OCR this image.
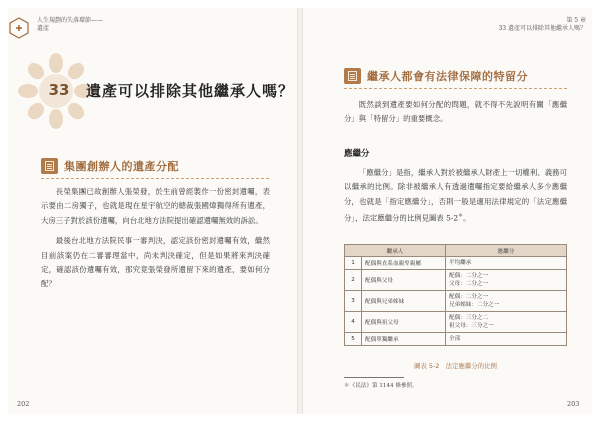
✚
人生規劃的失落環節——
遺產
第 5 章
33 遺產可以排除其他繼承人嗎？
33	遺產可以排除其他繼承人嗎？
集團創辦人的遺產分配

長榮集團已故創辦人張榮發，於生前曾經製作一份密封遺囑，表示要由二房獨子，也就是現在星宇航空的總裁張國煒獨得所有遺產，大房三子對於該份遺囑，向台北地方法院提出確認遺囑無效的訴訟。

最後台北地方法院民事一審判決，認定該份密封遺囑有效，繼然目前該案仍在二審審理當中，尚未判決確定，但是如果將來判決確定，確認該份遺囑有效，那究竟張榮發所遺留下來的遺產，要如何分配？

202
繼承人都會有法律保障的特留分

既然談到遺產要如何分配的問題，就不得不先說明有關「應繼分」與「特留分」的重要概念。

應繼分

「應繼分」是指，繼承人對於被繼承人財產上一切權利、義務可以繼承的比例。除非被繼承人有透過遺囑指定要給繼承人多少應繼分，也就是「指定應繼分」，否則一般是適用法律規定的「法定應繼分」，法定應繼分的比例見圖表 5-2＊。

繼承人		應繼分
1	配偶與直系血親卑親屬	平均繼承

2	配偶與父母	配偶：二分之一
父母：二分之一

3	配偶與兄弟姊妹	配偶：二分之一
兄弟姊妹：二分之一

4	配偶與祖父母	配偶：三分之二
祖父母：三分之一

5	配偶單獨繼承	全部
圖表 5-2　法定應繼分的比例
＊《民法》第 1144 條參照。
203
